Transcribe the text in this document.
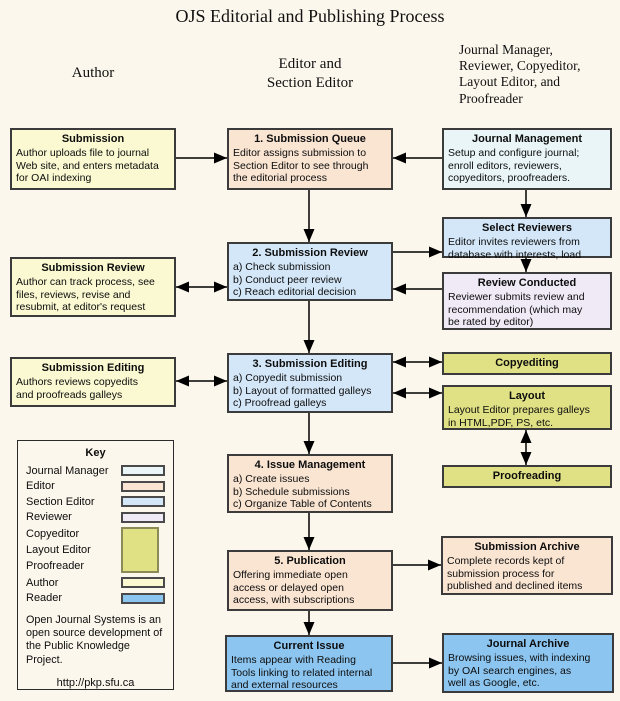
OJS Editorial and Publishing Process
Author
Editor and
Section Editor
Journal Manager,
Reviewer, Copyeditor,
Layout Editor, and
Proofreader
Submission
Author uploads file to journal
Web site, and enters metadata
for OAI indexing
1. Submission Queue
Editor assigns submission to
Section Editor to see through
the editorial process
Journal Management
Setup and configure journal;
enroll editors, reviewers,
copyeditors, proofreaders.
Select Reviewers
Editor invites reviewers from
database with interests, load
Review Conducted
Reviewer submits review and
recommendation (which may
be rated by editor)
Submission Review
Author can track process, see
files, reviews, revise and
resubmit, at editor's request
2. Submission Review
a) Check submission
b) Conduct peer review
c) Reach editorial decision
Submission Editing
Authors reviews copyedits
and proofreads galleys
3. Submission Editing
a) Copyedit submission
b) Layout of formatted galleys
c) Proofread galleys
Copyediting
Layout
Layout Editor prepares galleys
in HTML,PDF, PS, etc.
Proofreading
4. Issue Management
a) Create issues
b) Schedule submissions
c) Organize Table of Contents
5. Publication
Offering immediate open
access or delayed open
access, with subscriptions
Submission Archive
Complete records kept of
submission process for
published and declined items
Current Issue
Items appear with Reading
Tools linking to related internal
and external resources
Journal Archive
Browsing issues, with indexing
by OAI search engines, as
well as Google, etc.
Key
Journal Manager
Editor
Section Editor
Reviewer
Copyeditor
Layout Editor
Proofreader
Author
Reader
Open Journal Systems is an
open source development of
the Public Knowledge
Project.
http://pkp.sfu.ca
